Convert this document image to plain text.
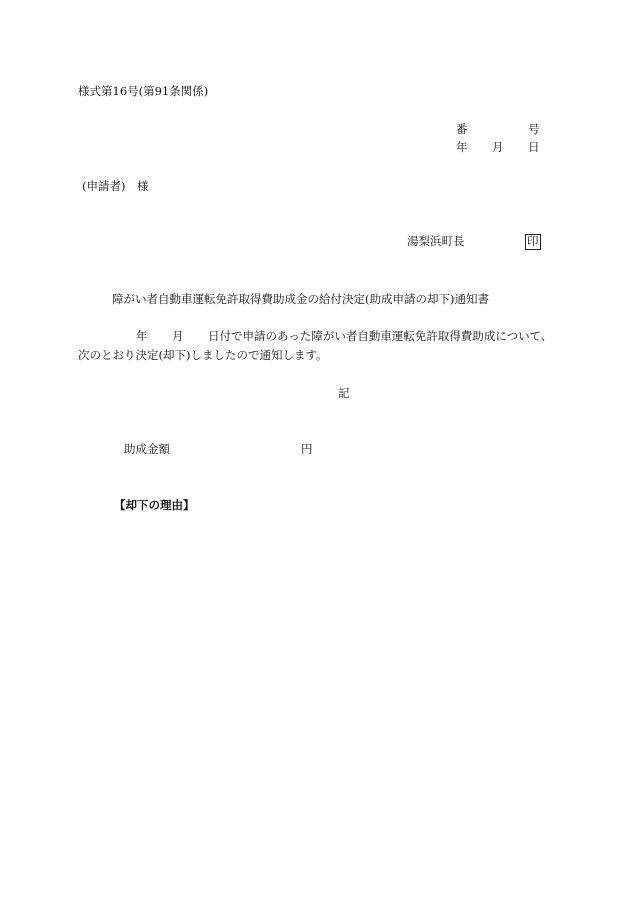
様式第16号(第91条関係)
番	号
年 月 日
(申請者)　様
湯梨浜町長	印
障がい者自動車運転免許取得費助成金の給付決定(助成申請の却下)通知書
年 月 日付で申請のあった障がい者自動車運転免許取得費助成について、
次のとおり決定(却下)しましたので通知します。
記
助成金額	円
【却下の理由】
